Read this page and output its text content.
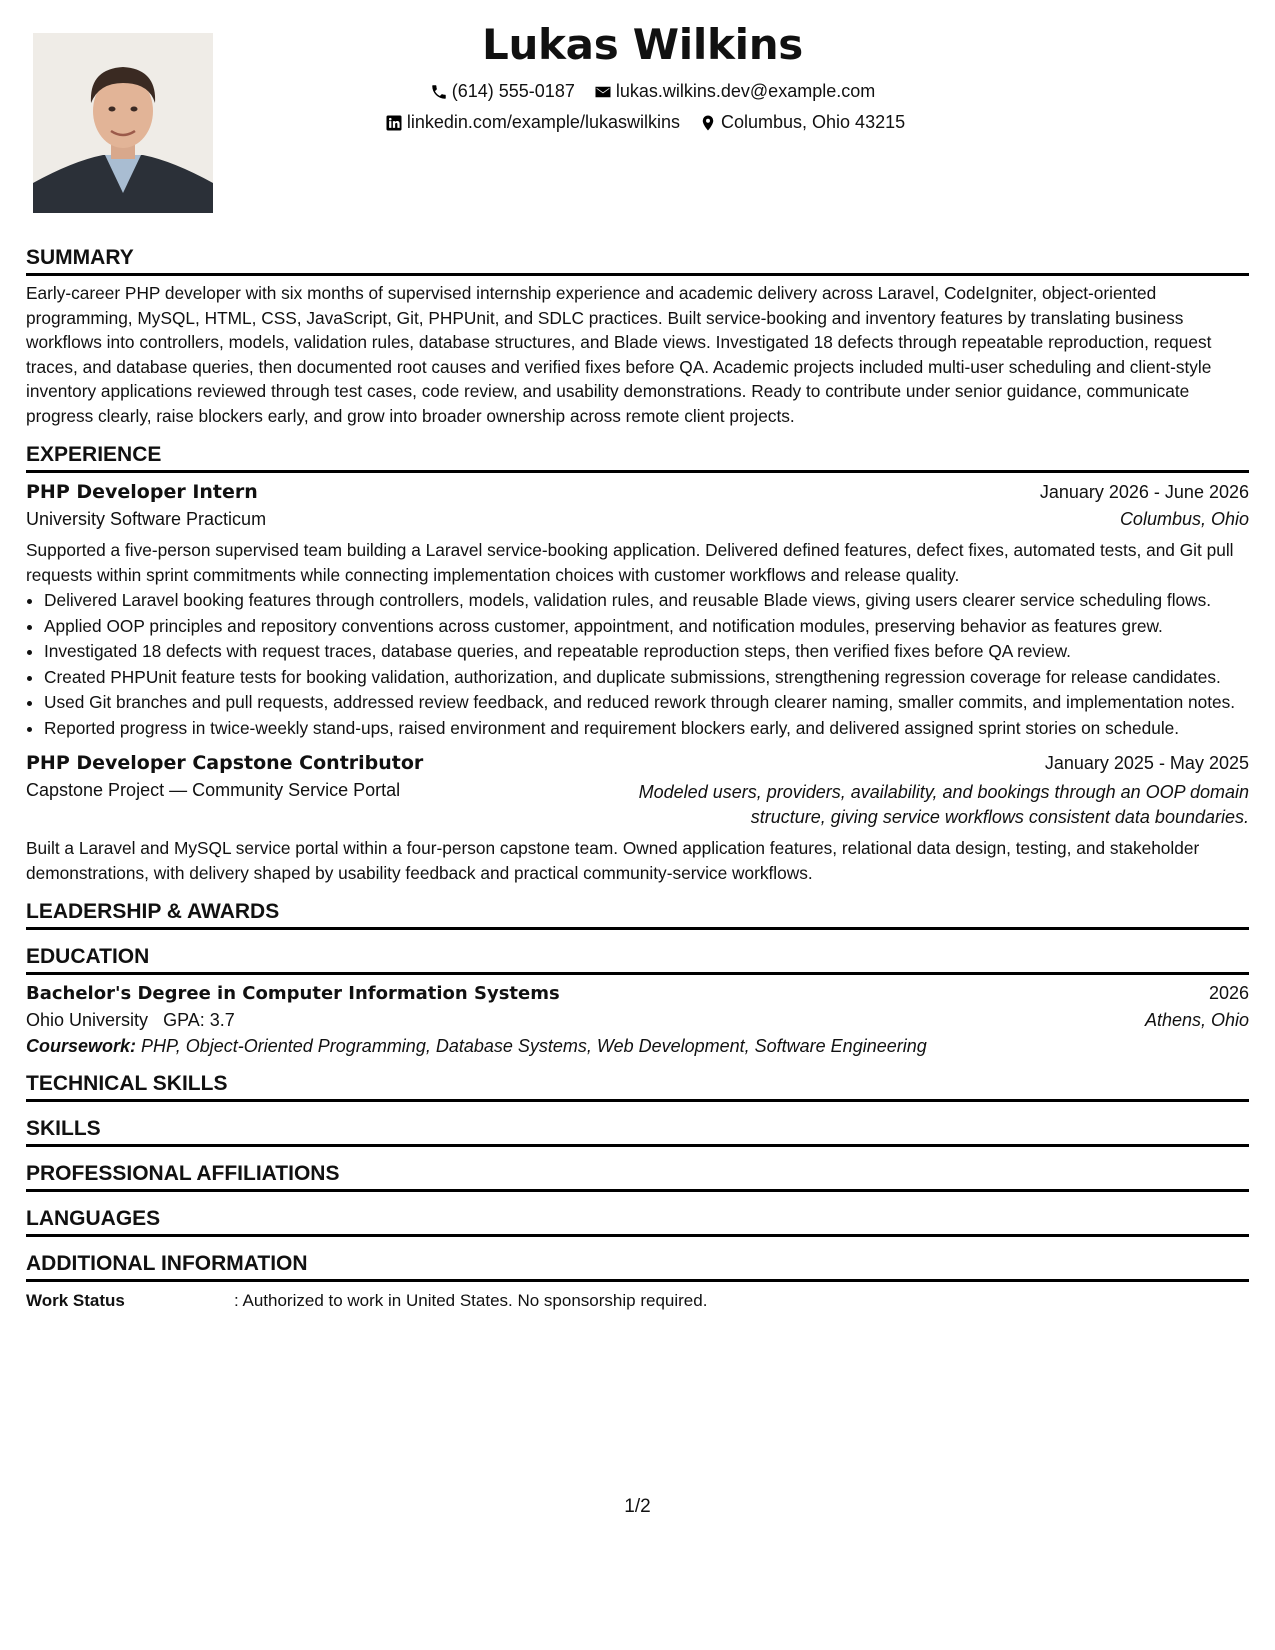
Lukas Wilkins
(614) 555-0187
lukas.wilkins.dev@example.com
linkedin.com/example/lukaswilkins
Columbus, Ohio 43215
SUMMARY

Early-career PHP developer with six months of supervised internship experience and academic delivery across Laravel, CodeIgniter, object-oriented programming, MySQL, HTML, CSS, JavaScript, Git, PHPUnit, and SDLC practices. Built service-booking and inventory features by translating business workflows into controllers, models, validation rules, database structures, and Blade views. Investigated 18 defects through repeatable reproduction, request traces, and database queries, then documented root causes and verified fixes before QA. Academic projects included multi-user scheduling and client-style inventory applications reviewed through test cases, code review, and usability demonstrations. Ready to contribute under senior guidance, communicate progress clearly, raise blockers early, and grow into broader ownership across remote client projects.

EXPERIENCE
PHP Developer Intern	January 2026 - June 2026
University Software Practicum	Columbus, Ohio

Supported a five-person supervised team building a Laravel service-booking application. Delivered defined features, defect fixes, automated tests, and Git pull requests within sprint commitments while connecting implementation choices with customer workflows and release quality.

• Delivered Laravel booking features through controllers, models, validation rules, and reusable Blade views, giving users clearer service scheduling flows.
• Applied OOP principles and repository conventions across customer, appointment, and notification modules, preserving behavior as features grew.
• Investigated 18 defects with request traces, database queries, and repeatable reproduction steps, then verified fixes before QA review.
• Created PHPUnit feature tests for booking validation, authorization, and duplicate submissions, strengthening regression coverage for release candidates.
• Used Git branches and pull requests, addressed review feedback, and reduced rework through clearer naming, smaller commits, and implementation notes.
• Reported progress in twice-weekly stand-ups, raised environment and requirement blockers early, and delivered assigned sprint stories on schedule.
PHP Developer Capstone Contributor	January 2025 - May 2025
Capstone Project — Community Service Portal	Modeled users, providers, availability, and bookings through an OOP domain structure, giving service workflows consistent data boundaries.

Built a Laravel and MySQL service portal within a four-person capstone team. Owned application features, relational data design, testing, and stakeholder demonstrations, with delivery shaped by usability feedback and practical community-service workflows.

LEADERSHIP & AWARDS
EDUCATION
Bachelor's Degree in Computer Information Systems	2026
Ohio University GPA: 3.7	Athens, Ohio
Coursework: PHP, Object-Oriented Programming, Database Systems, Web Development, Software Engineering
TECHNICAL SKILLS
SKILLS
PROFESSIONAL AFFILIATIONS
LANGUAGES
ADDITIONAL INFORMATION
Work Status	: Authorized to work in United States. No sponsorship required.
1/2
